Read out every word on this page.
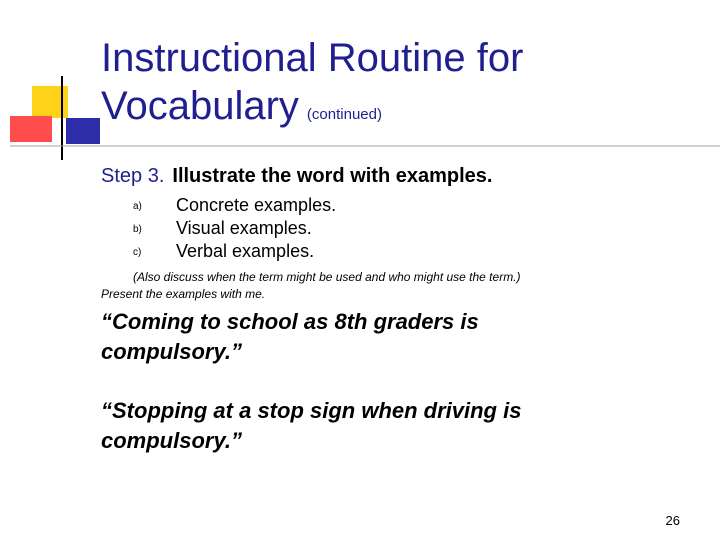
Instructional Routine for Vocabulary (continued)
Step 3. Illustrate the word with examples.
a) Concrete examples.
b) Visual examples.
c) Verbal examples.
(Also discuss when the term might be used and who might use the term.)
Present the examples with me.

“Coming to school as 8th graders is compulsory.”

“Stopping at a stop sign when driving is compulsory.”

26
